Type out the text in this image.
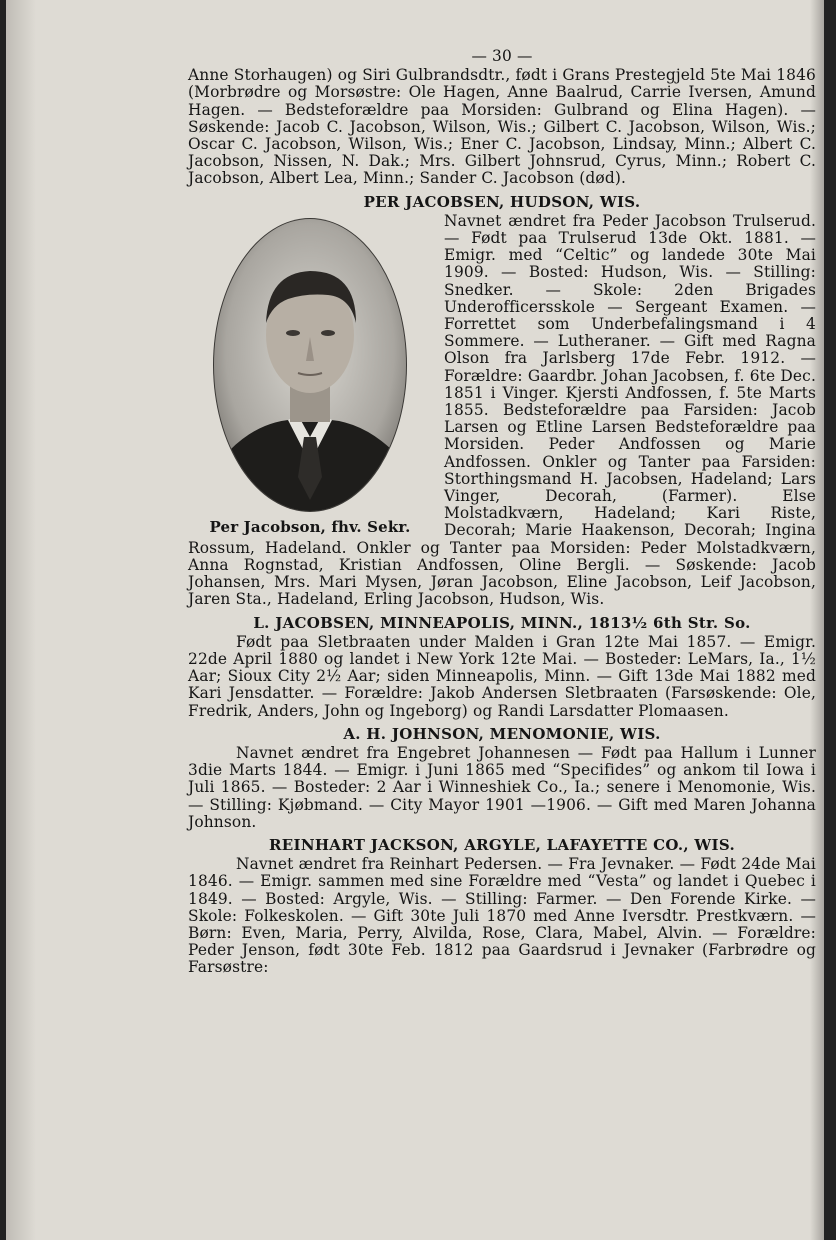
— 30 —

Anne Storhaugen) og Siri Gulbrandsdtr., født i Grans Prestegjeld 5te Mai 1846 (Morbrødre og Morsøstre: Ole Hagen, Anne Baalrud, Carrie Iversen, Amund Hagen. — Bedsteforældre paa Morsiden: Gulbrand og Elina Hagen). — Søskende: Jacob C. Jacobson, Wilson, Wis.; Gilbert C. Jacobson, Wilson, Wis.; Oscar C. Jacobson, Wilson, Wis.; Ener C. Jacobson, Lindsay, Minn.; Albert C. Jacobson, Nissen, N. Dak.; Mrs. Gilbert Johnsrud, Cyrus, Minn.; Robert C. Jacobson, Albert Lea, Minn.; Sander C. Jacobson (død).

PER JACOBSEN, HUDSON, WIS.
Per Jacobson, fhv. Sekr.

Navnet ændret fra Peder Jacobson Trulserud. — Født paa Trulserud 13de Okt. 1881. — Emigr. med “Celtic” og landede 30te Mai 1909. — Bosted: Hudson, Wis. — Stilling: Snedker. — Skole: 2den Brigades Underofficersskole — Sergeant Examen. — Forrettet som Underbefalingsmand i 4 Sommere. — Lutheraner. — Gift med Ragna Olson fra Jarlsberg 17de Febr. 1912. — Forældre: Gaardbr. Johan Jacobsen, f. 6te Dec. 1851 i Vinger. Kjersti Andfossen, f. 5te Marts 1855. Bedsteforældre paa Farsiden: Jacob Larsen og Etline Larsen Bedsteforældre paa Morsiden. Peder Andfossen og Marie Andfossen. Onkler og Tanter paa Farsiden: Storthingsmand H. Jacobsen, Hadeland; Lars Vinger, Decorah, (Farmer). Else Molstadkværn, Hadeland; Kari Riste, Decorah; Marie Haakenson, Decorah; Ingina Rossum, Hadeland. Onkler og Tanter paa Morsiden: Peder Molstadkværn, Anna Rognstad, Kristian Andfossen, Oline Bergli. — Søskende: Jacob Johansen, Mrs. Mari Mysen, Jøran Jacobson, Eline Jacobson, Leif Jacobson, Jaren Sta., Hadeland, Erling Jacobson, Hudson, Wis.

L. JACOBSEN, MINNEAPOLIS, MINN., 1813½ 6th Str. So.

Født paa Sletbraaten under Malden i Gran 12te Mai 1857. — Emigr. 22de April 1880 og landet i New York 12te Mai. — Bosteder: LeMars, Ia., 1½ Aar; Sioux City 2½ Aar; siden Minneapolis, Minn. — Gift 13de Mai 1882 med Kari Jensdatter. — Forældre: Jakob Andersen Sletbraaten (Farsøskende: Ole, Fredrik, Anders, John og Ingeborg) og Randi Larsdatter Plomaasen.

A. H. JOHNSON, MENOMONIE, WIS.

Navnet ændret fra Engebret Johannesen — Født paa Hallum i Lunner 3die Marts 1844. — Emigr. i Juni 1865 med “Specifides” og ankom til Iowa i Juli 1865. — Bosteder: 2 Aar i Winneshiek Co., Ia.; senere i Menomonie, Wis. — Stilling: Kjøbmand. — City Mayor 1901 —1906. — Gift med Maren Johanna Johnson.

REINHART JACKSON, ARGYLE, LAFAYETTE CO., WIS.

Navnet ændret fra Reinhart Pedersen. — Fra Jevnaker. — Født 24de Mai 1846. — Emigr. sammen med sine Forældre med “Vesta” og landet i Quebec i 1849. — Bosted: Argyle, Wis. — Stilling: Farmer. — Den Forende Kirke. — Skole: Folkeskolen. — Gift 30te Juli 1870 med Anne Iversdtr. Prestkværn. — Børn: Even, Maria, Perry, Alvilda, Rose, Clara, Mabel, Alvin. — Forældre: Peder Jenson, født 30te Feb. 1812 paa Gaardsrud i Jevnaker (Farbrødre og Farsøstre:
